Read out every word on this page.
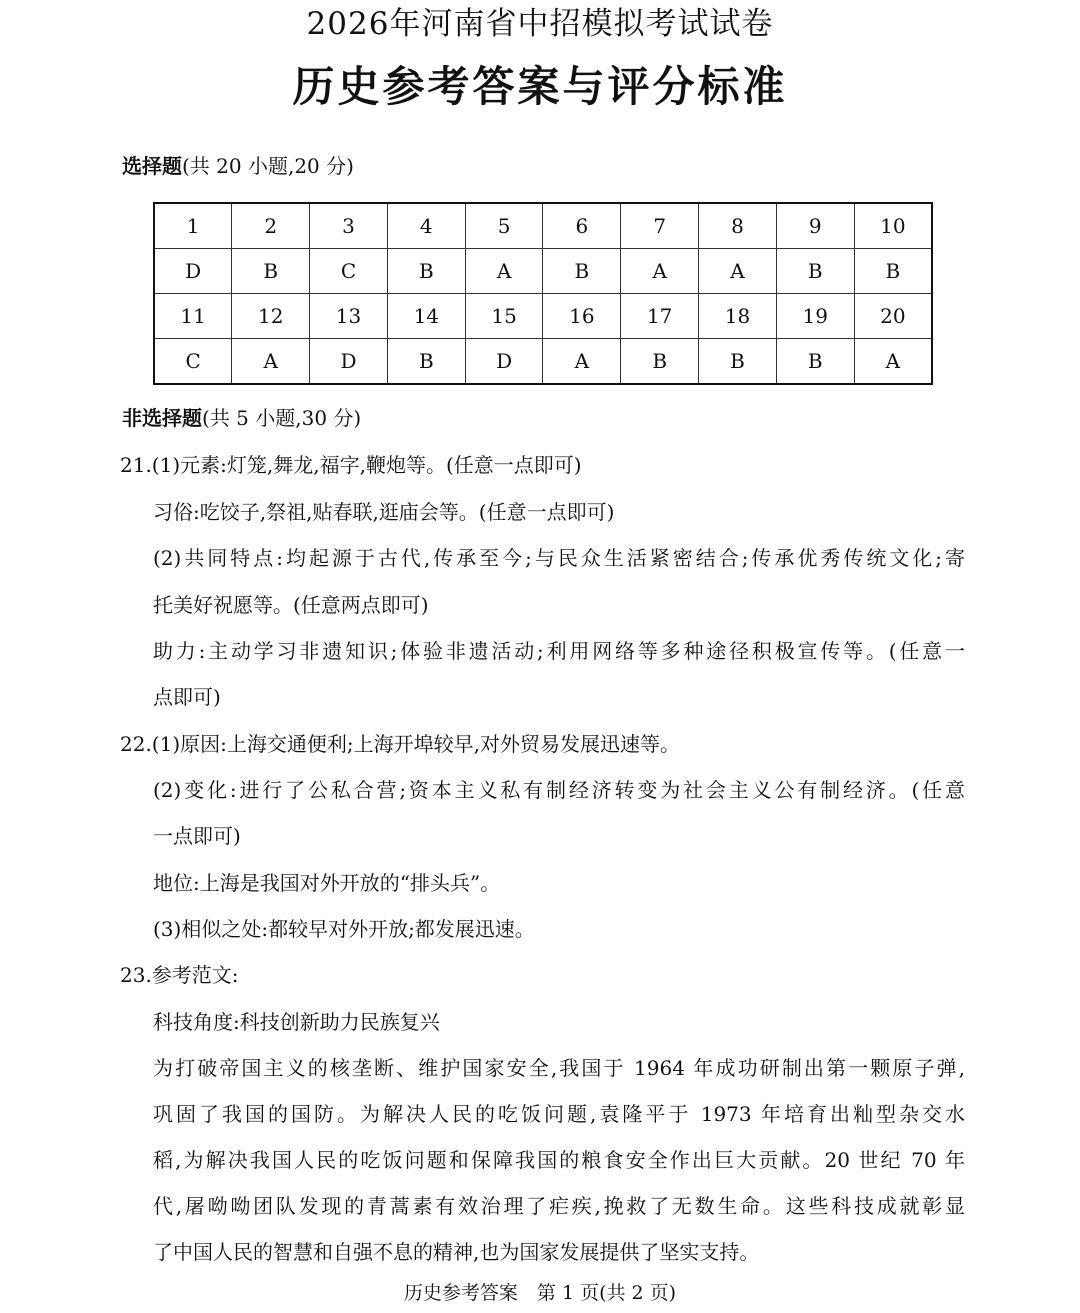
2026年河南省中招模拟考试试卷
历史参考答案与评分标准
选择题(共 20 小题,20 分)
1	2	3	4	5	6	7	8	9	10
D	B	C	B	A	B	A	A	B	B
11	12	13	14	15	16	17	18	19	20
C	A	D	B	D	A	B	B	B	A
非选择题(共 5 小题,30 分)
21.(1)元素:灯笼,舞龙,福字,鞭炮等。(任意一点即可)
习俗:吃饺子,祭祖,贴春联,逛庙会等。(任意一点即可)
(2)共同特点:均起源于古代,传承至今;与民众生活紧密结合;传承优秀传统文化;寄
托美好祝愿等。(任意两点即可)
助力:主动学习非遗知识;体验非遗活动;利用网络等多种途径积极宣传等。(任意一
点即可)
22.(1)原因:上海交通便利;上海开埠较早,对外贸易发展迅速等。
(2)变化:进行了公私合营;资本主义私有制经济转变为社会主义公有制经济。(任意
一点即可)
地位:上海是我国对外开放的“排头兵”。
(3)相似之处:都较早对外开放;都发展迅速。
23.参考范文:
科技角度:科技创新助力民族复兴
为打破帝国主义的核垄断、维护国家安全,我国于 1964 年成功研制出第一颗原子弹,
巩固了我国的国防。为解决人民的吃饭问题,袁隆平于 1973 年培育出籼型杂交水
稻,为解决我国人民的吃饭问题和保障我国的粮食安全作出巨大贡献。20 世纪 70 年
代,屠呦呦团队发现的青蒿素有效治理了疟疾,挽救了无数生命。这些科技成就彰显
了中国人民的智慧和自强不息的精神,也为国家发展提供了坚实支持。
历史参考答案　第 1 页(共 2 页)
